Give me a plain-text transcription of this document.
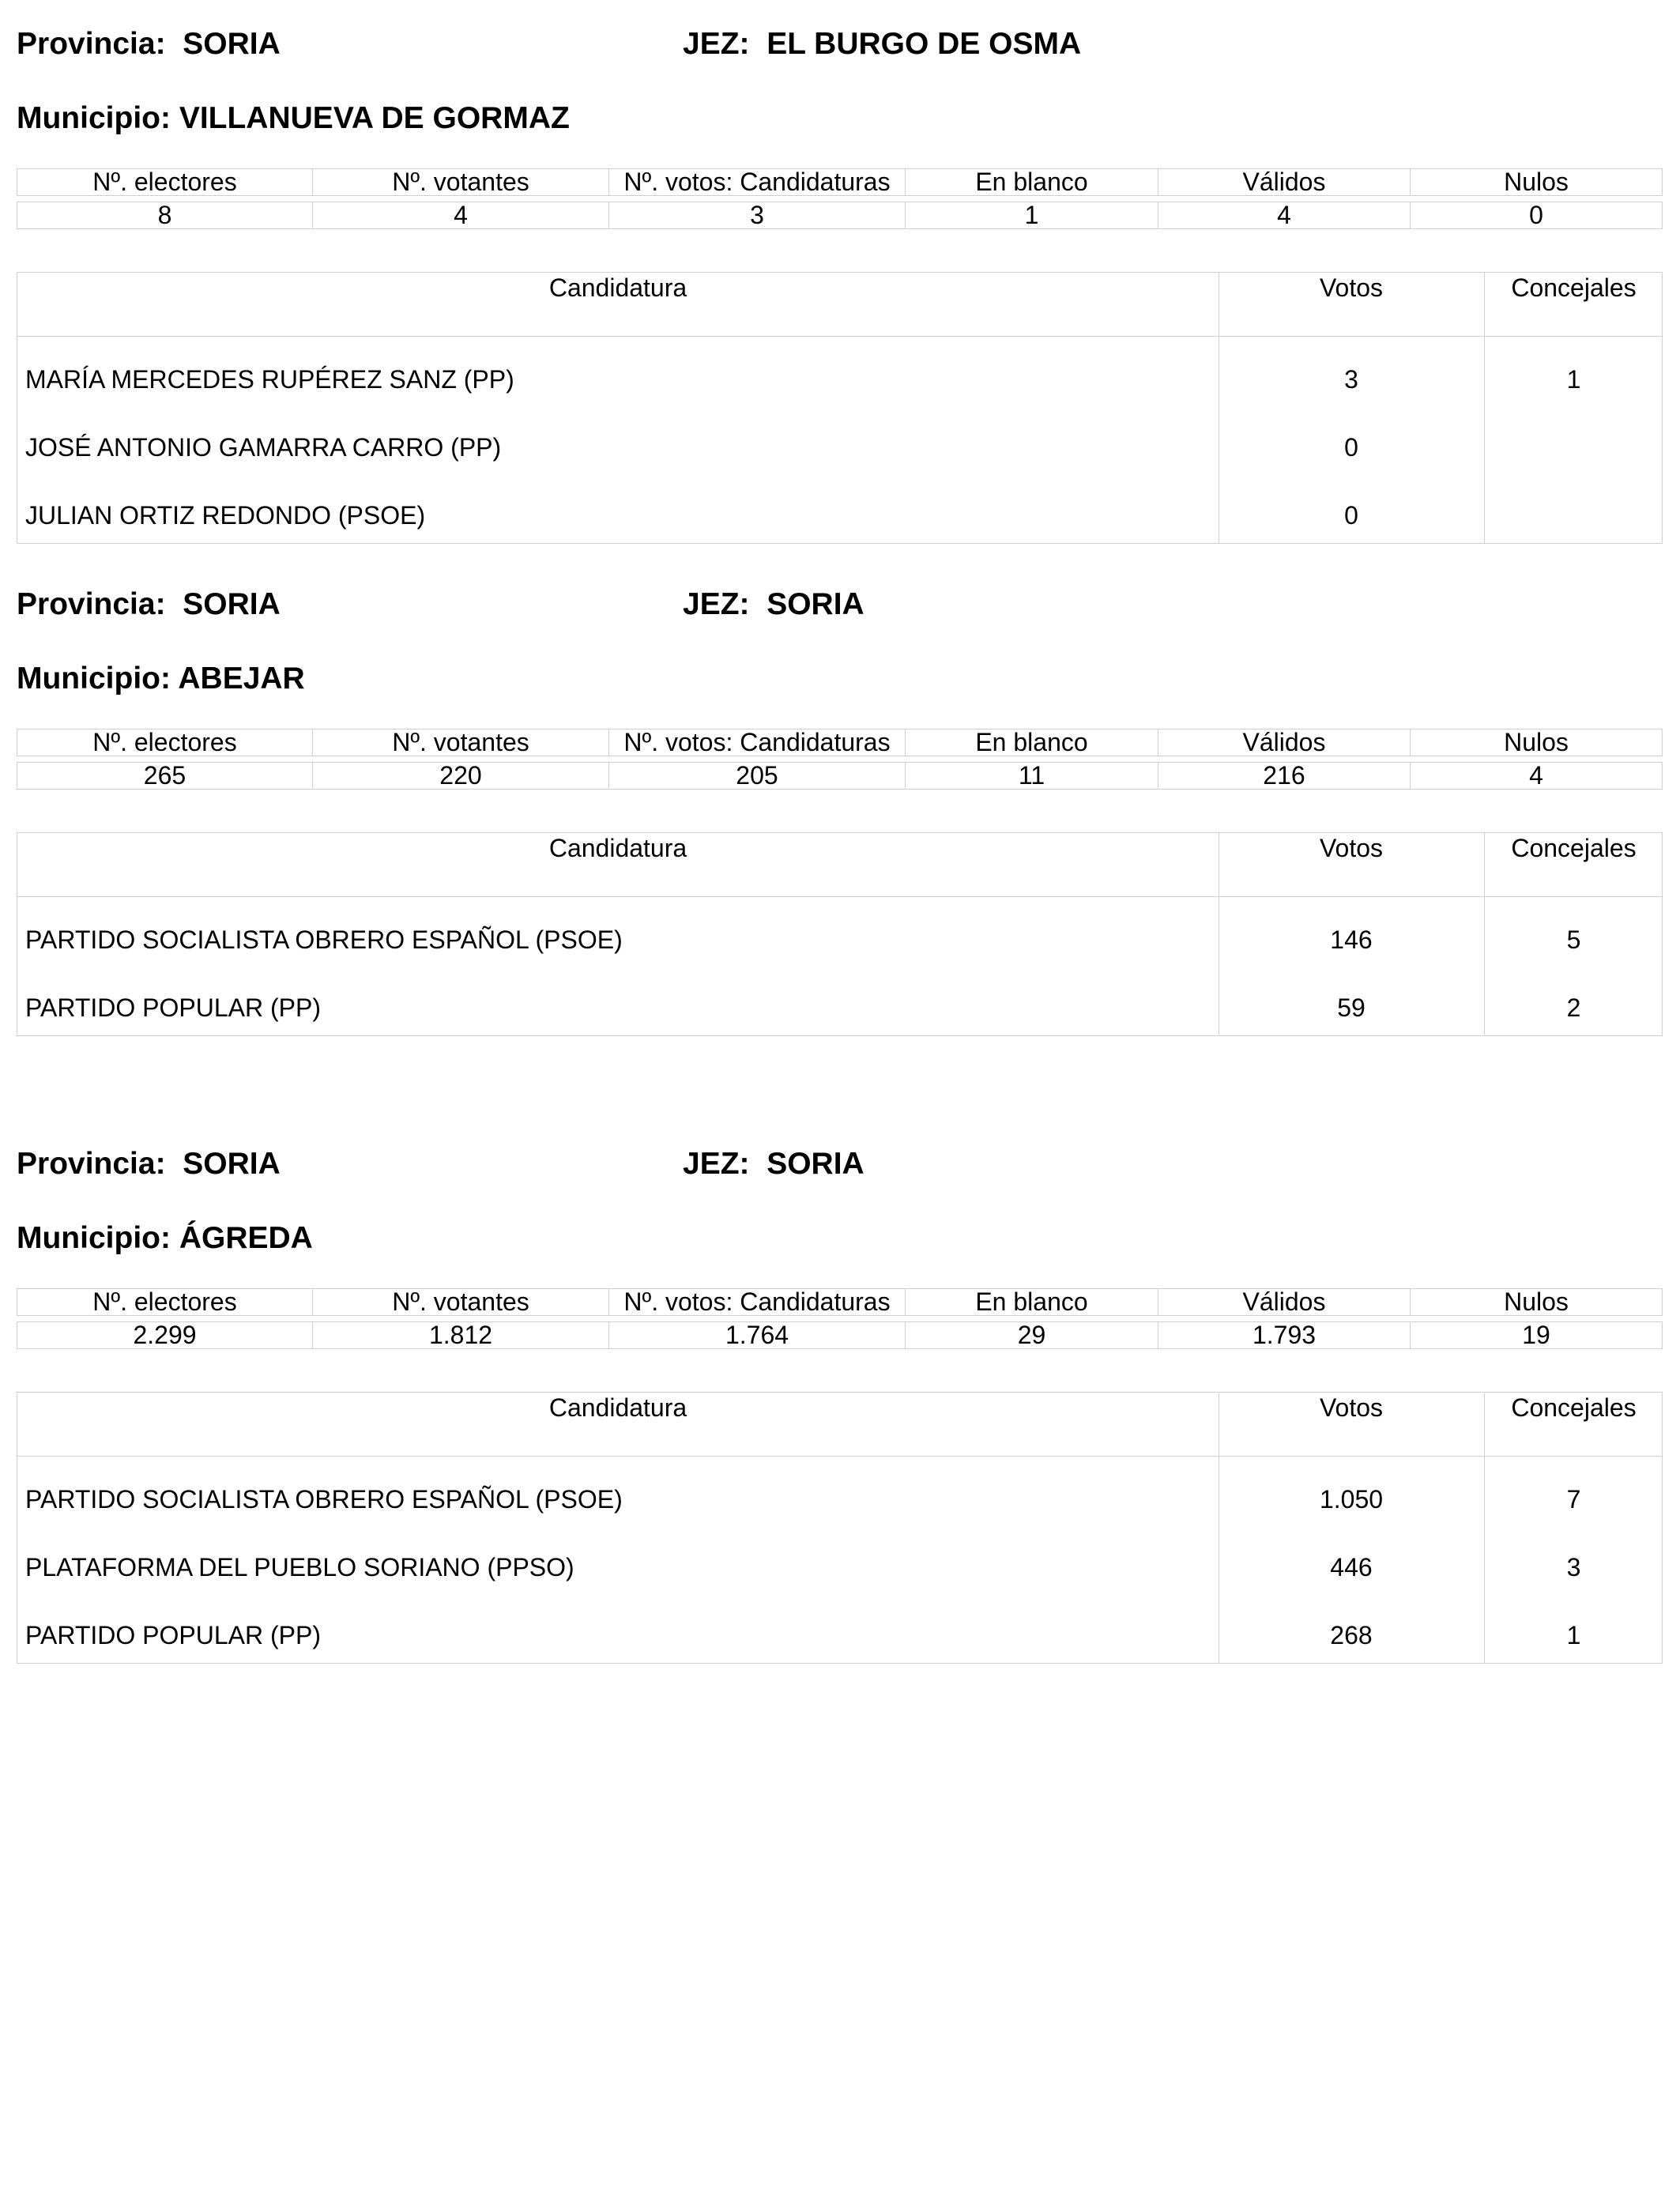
Provincia: SORIA	JEZ: EL BURGO DE OSMA
Municipio: VILLANUEVA DE GORMAZ
Nº. electores	Nº. votantes	Nº. votos: Candidaturas	En blanco	Válidos	Nulos
8	4	3	1	4	0
Candidatura	Votos	Concejales
MARÍA MERCEDES RUPÉREZ SANZ (PP)	3	1
JOSÉ ANTONIO GAMARRA CARRO (PP)	0
JULIAN ORTIZ REDONDO (PSOE)	0
Provincia: SORIA	JEZ: SORIA
Municipio: ABEJAR
Nº. electores	Nº. votantes	Nº. votos: Candidaturas	En blanco	Válidos	Nulos
265	220	205	11	216	4
Candidatura	Votos	Concejales
PARTIDO SOCIALISTA OBRERO ESPAÑOL (PSOE)	146	5
PARTIDO POPULAR (PP)	59	2
Provincia: SORIA	JEZ: SORIA
Municipio: ÁGREDA
Nº. electores	Nº. votantes	Nº. votos: Candidaturas	En blanco	Válidos	Nulos
2.299	1.812	1.764	29	1.793	19
Candidatura	Votos	Concejales
PARTIDO SOCIALISTA OBRERO ESPAÑOL (PSOE)	1.050	7
PLATAFORMA DEL PUEBLO SORIANO (PPSO)	446	3
PARTIDO POPULAR (PP)	268	1
